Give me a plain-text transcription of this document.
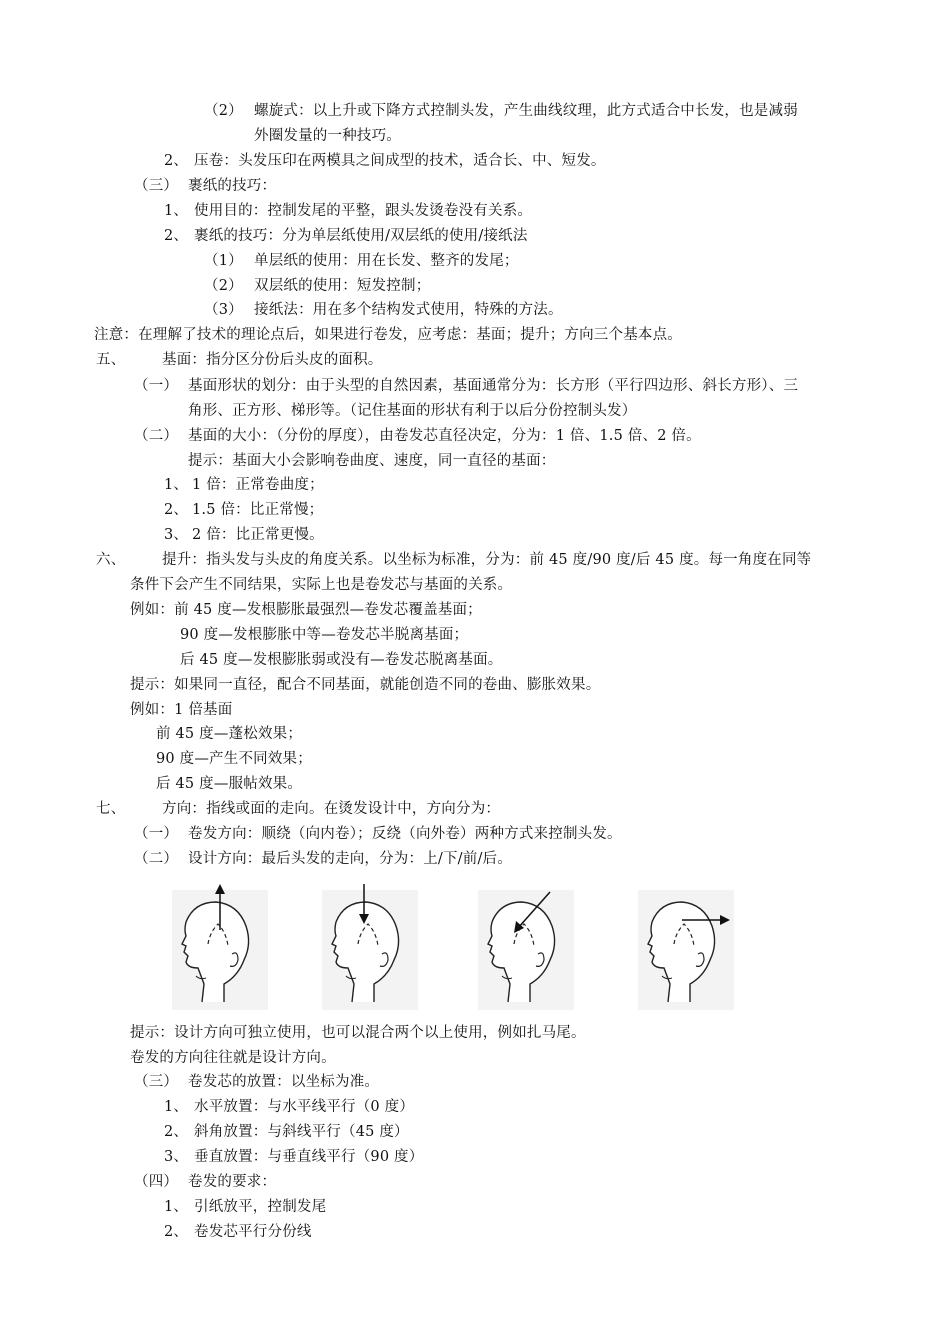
（2） 螺旋式：以上升或下降方式控制头发，产生曲线纹理，此方式适合中长发，也是减弱
外圈发量的一种技巧。
2、 压卷：头发压印在两模具之间成型的技术，适合长、中、短发。
（三） 裹纸的技巧：
1、 使用目的：控制发尾的平整，跟头发烫卷没有关系。
2、 裹纸的技巧：分为单层纸使用/双层纸的使用/接纸法
（1） 单层纸的使用：用在长发、整齐的发尾；
（2） 双层纸的使用：短发控制；
（3） 接纸法：用在多个结构发式使用，特殊的方法。
注意：在理解了技术的理论点后，如果进行卷发，应考虑：基面；提升；方向三个基本点。
五、	基面：指分区分份后头皮的面积。
（一） 基面形状的划分：由于头型的自然因素，基面通常分为：长方形（平行四边形、斜长方形）、三
角形、正方形、梯形等。（记住基面的形状有利于以后分份控制头发）
（二） 基面的大小：（分份的厚度），由卷发芯直径决定，分为：1 倍、1.5 倍、2 倍。
提示：基面大小会影响卷曲度、速度，同一直径的基面：
1、 1 倍：正常卷曲度；
2、 1.5 倍：比正常慢；
3、 2 倍：比正常更慢。
六、	提升：指头发与头皮的角度关系。以坐标为标准，分为：前 45 度/90 度/后 45 度。每一角度在同等
条件下会产生不同结果，实际上也是卷发芯与基面的关系。
例如：前 45 度—发根膨胀最强烈—卷发芯覆盖基面；
90 度—发根膨胀中等—卷发芯半脱离基面；
后 45 度—发根膨胀弱或没有—卷发芯脱离基面。
提示：如果同一直径，配合不同基面，就能创造不同的卷曲、膨胀效果。
例如：1 倍基面
前 45 度—蓬松效果；
90 度—产生不同效果；
后 45 度—服帖效果。
七、	方向：指线或面的走向。在烫发设计中，方向分为：
（一） 卷发方向：顺绕（向内卷）；反绕（向外卷）两种方式来控制头发。
（二） 设计方向：最后头发的走向，分为：上/下/前/后。
提示：设计方向可独立使用，也可以混合两个以上使用，例如扎马尾。
卷发的方向往往就是设计方向。
（三） 卷发芯的放置：以坐标为准。
1、 水平放置：与水平线平行（0 度）
2、 斜角放置：与斜线平行（45 度）
3、 垂直放置：与垂直线平行（90 度）
（四） 卷发的要求：
1、 引纸放平，控制发尾
2、 卷发芯平行分份线
